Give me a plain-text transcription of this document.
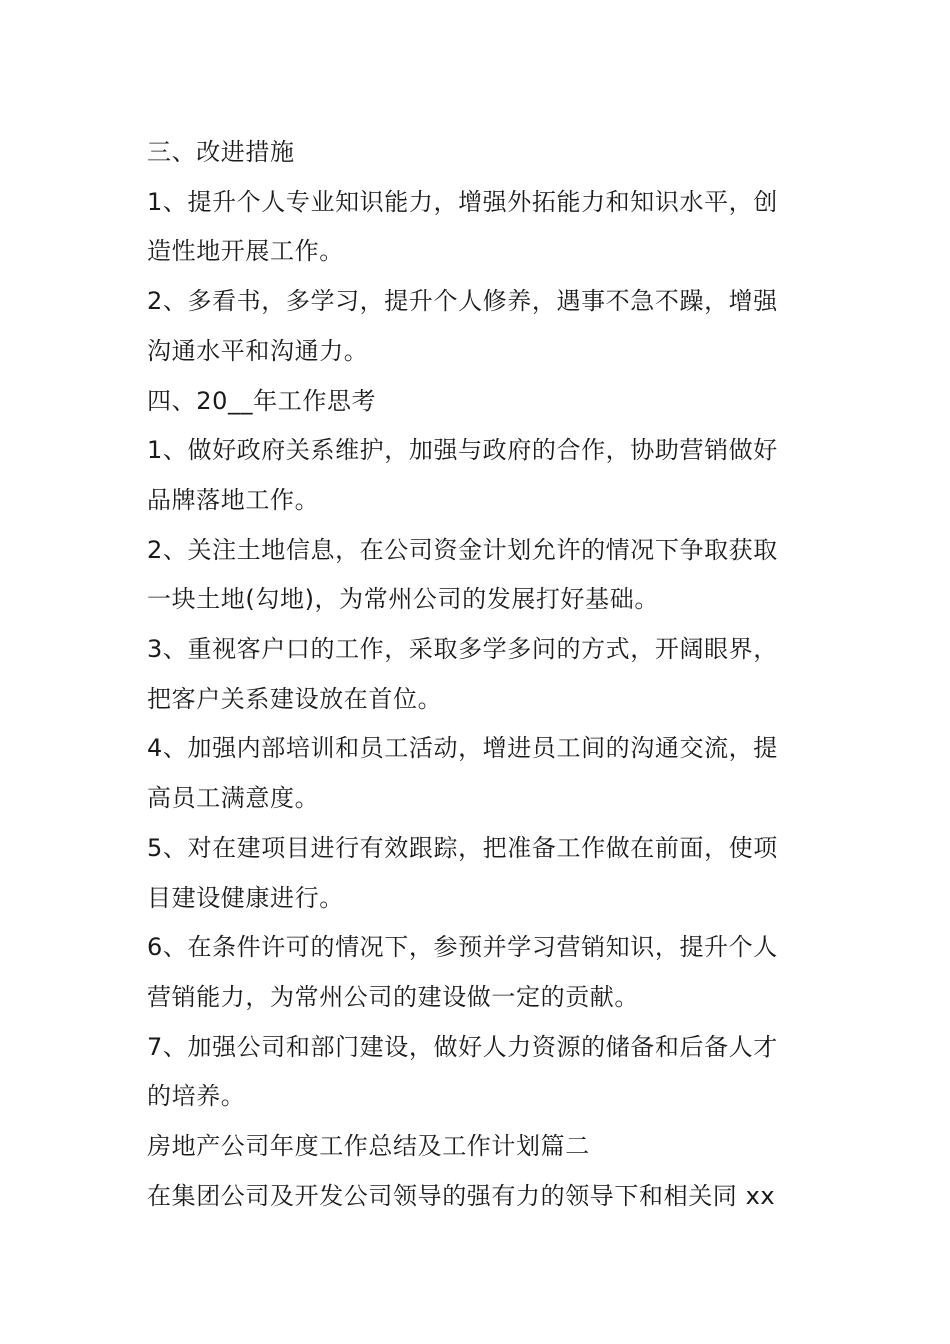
三、改进措施

1、提升个人专业知识能力，增强外拓能力和知识水平，创

造性地开展工作。

2、多看书，多学习，提升个人修养，遇事不急不躁，增强

沟通水平和沟通力。

四、20__年工作思考

1、做好政府关系维护，加强与政府的合作，协助营销做好

品牌落地工作。

2、关注土地信息，在公司资金计划允许的情况下争取获取

一块土地(勾地)，为常州公司的发展打好基础。

3、重视客户口的工作，采取多学多问的方式，开阔眼界，

把客户关系建设放在首位。

4、加强内部培训和员工活动，增进员工间的沟通交流，提

高员工满意度。

5、对在建项目进行有效跟踪，把准备工作做在前面，使项

目建设健康进行。

6、在条件许可的情况下，参预并学习营销知识，提升个人

营销能力，为常州公司的建设做一定的贡献。

7、加强公司和部门建设，做好人力资源的储备和后备人才

的培养。

房地产公司年度工作总结及工作计划篇二

在集团公司及开发公司领导的强有力的领导下和相关同 xx
